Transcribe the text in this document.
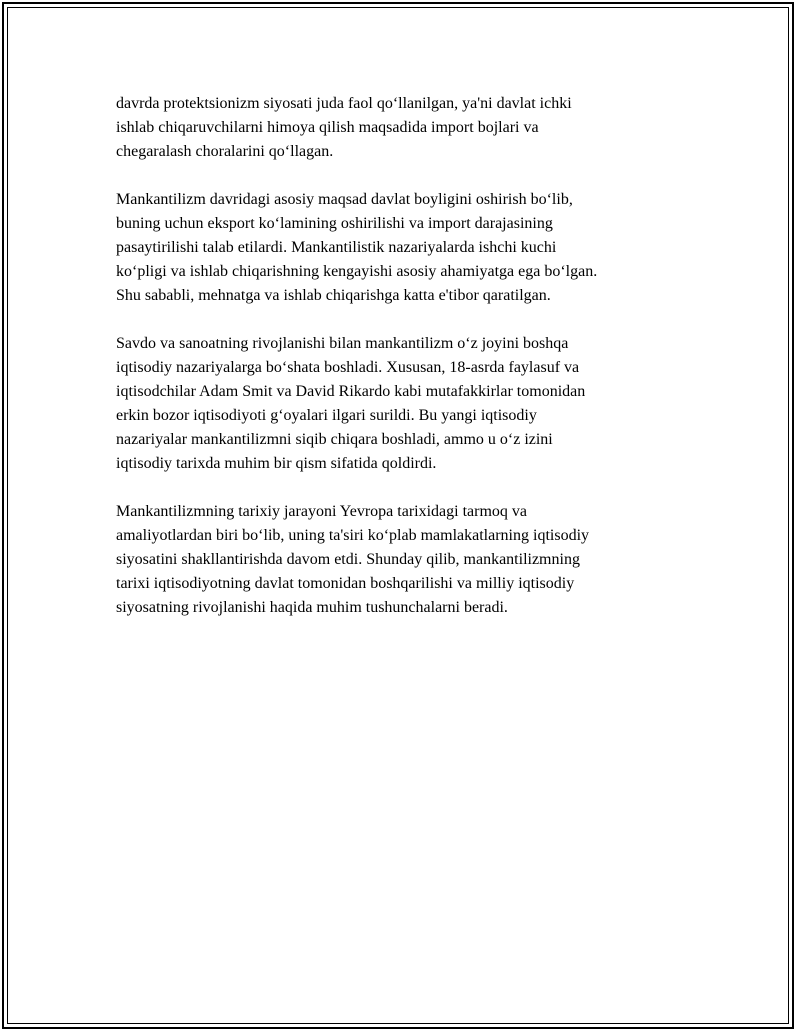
davrda protektsionizm siyosati juda faol qo‘llanilgan, ya'ni davlat ichki
ishlab chiqaruvchilarni himoya qilish maqsadida import bojlari va
chegaralash choralarini qo‘llagan.

Mankantilizm davridagi asosiy maqsad davlat boyligini oshirish bo‘lib,
buning uchun eksport ko‘lamining oshirilishi va import darajasining
pasaytirilishi talab etilardi. Mankantilistik nazariyalarda ishchi kuchi
ko‘pligi va ishlab chiqarishning kengayishi asosiy ahamiyatga ega bo‘lgan.
Shu sababli, mehnatga va ishlab chiqarishga katta e'tibor qaratilgan.

Savdo va sanoatning rivojlanishi bilan mankantilizm o‘z joyini boshqa
iqtisodiy nazariyalarga bo‘shata boshladi. Xususan, 18-asrda faylasuf va
iqtisodchilar Adam Smit va David Rikardo kabi mutafakkirlar tomonidan
erkin bozor iqtisodiyoti g‘oyalari ilgari surildi. Bu yangi iqtisodiy
nazariyalar mankantilizmni siqib chiqara boshladi, ammo u o‘z izini
iqtisodiy tarixda muhim bir qism sifatida qoldirdi.

Mankantilizmning tarixiy jarayoni Yevropa tarixidagi tarmoq va
amaliyotlardan biri bo‘lib, uning ta'siri ko‘plab mamlakatlarning iqtisodiy
siyosatini shakllantirishda davom etdi. Shunday qilib, mankantilizmning
tarixi iqtisodiyotning davlat tomonidan boshqarilishi va milliy iqtisodiy
siyosatning rivojlanishi haqida muhim tushunchalarni beradi.
